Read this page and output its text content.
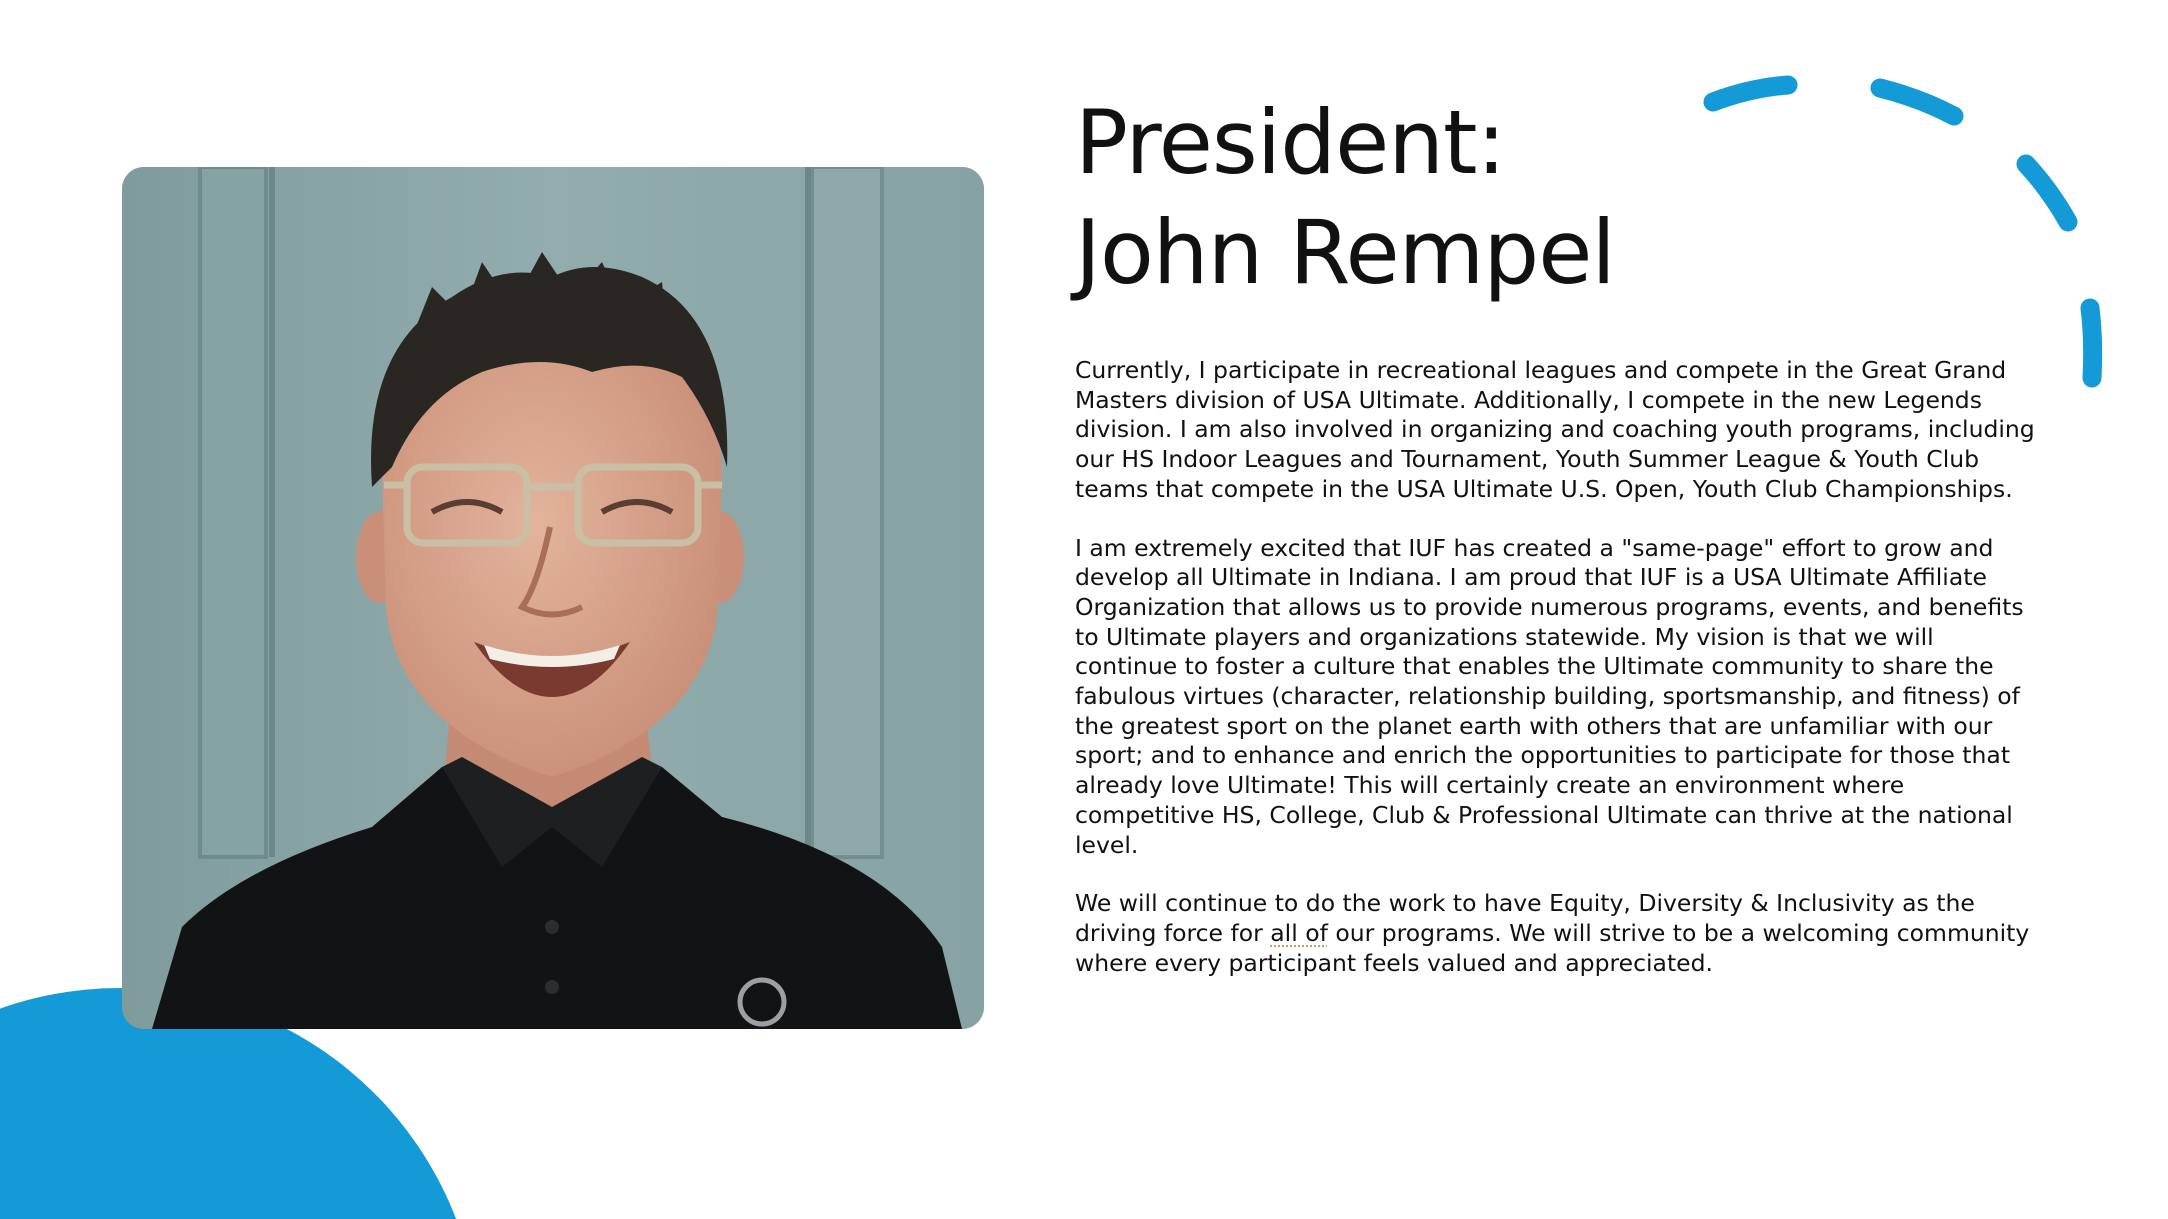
President:
John Rempel

Currently, I participate in recreational leagues and compete in the Great Grand Masters division of USA Ultimate. Additionally, I compete in the new Legends division. I am also involved in organizing and coaching youth programs, including our HS Indoor Leagues and Tournament, Youth Summer League & Youth Club teams that compete in the USA Ultimate U.S. Open, Youth Club Championships.

I am extremely excited that IUF has created a "same-page" effort to grow and develop all Ultimate in Indiana. I am proud that IUF is a USA Ultimate Affiliate Organization that allows us to provide numerous programs, events, and benefits to Ultimate players and organizations statewide. My vision is that we will continue to foster a culture that enables the Ultimate community to share the fabulous virtues (character, relationship building, sportsmanship, and fitness) of the greatest sport on the planet earth with others that are unfamiliar with our sport; and to enhance and enrich the opportunities to participate for those that already love Ultimate! This will certainly create an environment where competitive HS, College, Club & Professional Ultimate can thrive at the national level.

We will continue to do the work to have Equity, Diversity & Inclusivity as the driving force for all of our programs. We will strive to be a welcoming community where every participant feels valued and appreciated.
